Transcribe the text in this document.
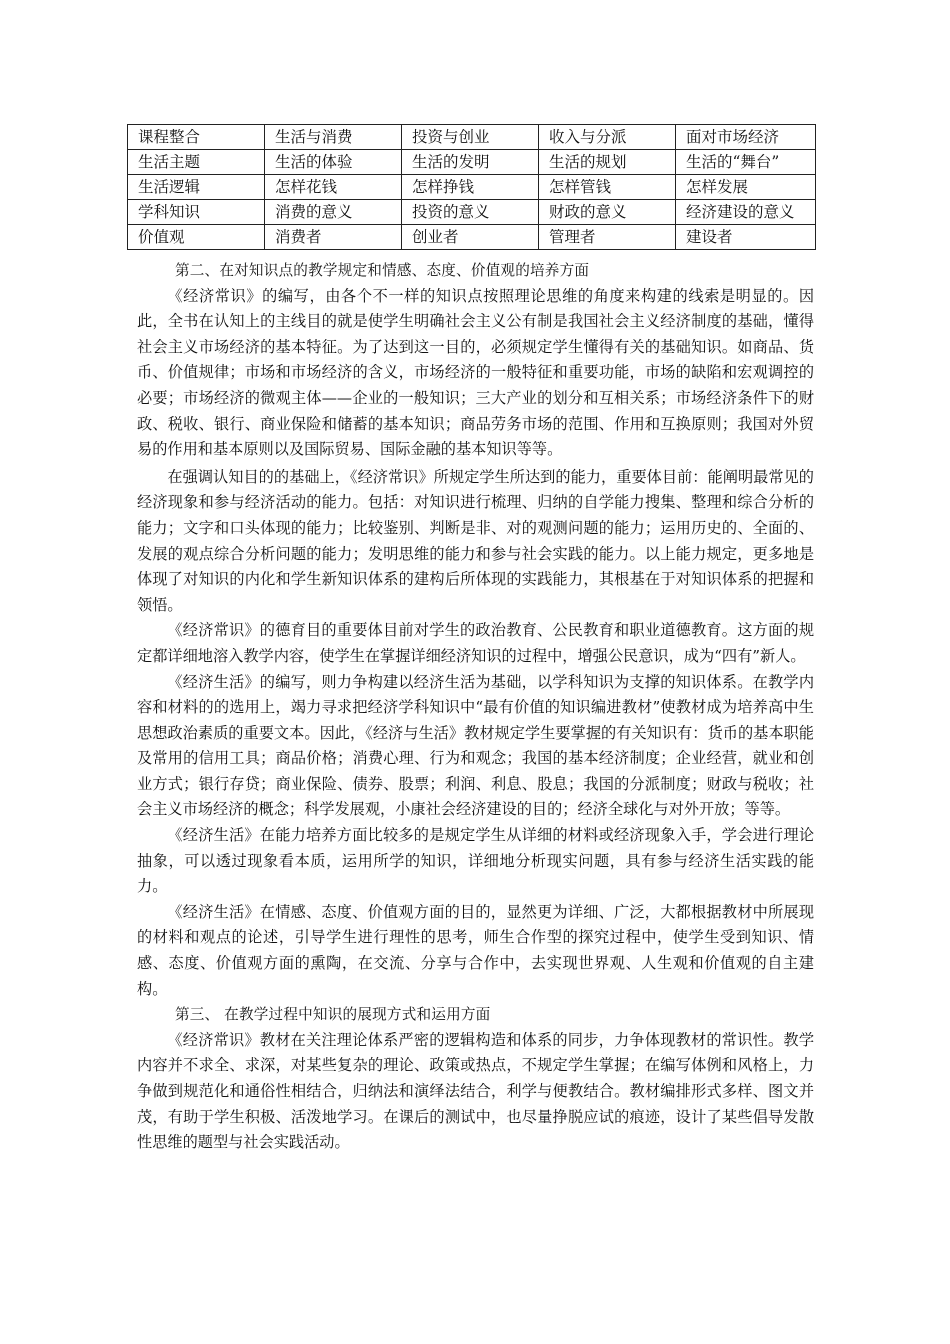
课程整合	生活与消费	投资与创业	收入与分派	面对市场经济
生活主题	生活的体验	生活的发明	生活的规划	生活的“舞台”
生活逻辑	怎样花钱	怎样挣钱	怎样管钱	怎样发展
学科知识	消费的意义	投资的意义	财政的意义	经济建设的意义
价值观	消费者	创业者	管理者	建设者

第二、在对知识点的教学规定和情感、态度、价值观的培养方面

《经济常识》的编写，由各个不一样的知识点按照理论思维的角度来构建的线索是明显的。因此，全书在认知上的主线目的就是使学生明确社会主义公有制是我国社会主义经济制度的基础，懂得社会主义市场经济的基本特征。为了达到这一目的，必须规定学生懂得有关的基础知识。如商品、货币、价值规律；市场和市场经济的含义，市场经济的一般特征和重要功能，市场的缺陷和宏观调控的必要；市场经济的微观主体——企业的一般知识；三大产业的划分和互相关系；市场经济条件下的财政、税收、银行、商业保险和储蓄的基本知识；商品劳务市场的范围、作用和互换原则；我国对外贸易的作用和基本原则以及国际贸易、国际金融的基本知识等等。

在强调认知目的的基础上，《经济常识》所规定学生所达到的能力，重要体目前：能阐明最常见的经济现象和参与经济活动的能力。包括：对知识进行梳理、归纳的自学能力搜集、整理和综合分析的能力；文字和口头体现的能力；比较鉴别、判断是非、对的观测问题的能力；运用历史的、全面的、发展的观点综合分析问题的能力；发明思维的能力和参与社会实践的能力。以上能力规定，更多地是体现了对知识的内化和学生新知识体系的建构后所体现的实践能力，其根基在于对知识体系的把握和领悟。

《经济常识》的德育目的重要体目前对学生的政治教育、公民教育和职业道德教育。这方面的规定都详细地溶入教学内容，使学生在掌握详细经济知识的过程中，增强公民意识，成为“四有”新人。

《经济生活》的编写，则力争构建以经济生活为基础，以学科知识为支撑的知识体系。在教学内容和材料的的选用上，竭力寻求把经济学科知识中“最有价值的知识编进教材”使教材成为培养高中生思想政治素质的重要文本。因此，《经济与生活》教材规定学生要掌握的有关知识有：货币的基本职能及常用的信用工具；商品价格；消费心理、行为和观念；我国的基本经济制度；企业经营，就业和创业方式；银行存贷；商业保险、债券、股票；利润、利息、股息；我国的分派制度；财政与税收；社会主义市场经济的概念；科学发展观，小康社会经济建设的目的；经济全球化与对外开放；等等。

《经济生活》在能力培养方面比较多的是规定学生从详细的材料或经济现象入手，学会进行理论抽象，可以透过现象看本质，运用所学的知识，详细地分析现实问题，具有参与经济生活实践的能力。

《经济生活》在情感、态度、价值观方面的目的，显然更为详细、广泛，大都根据教材中所展现的材料和观点的论述，引导学生进行理性的思考，师生合作型的探究过程中，使学生受到知识、情感、态度、价值观方面的熏陶，在交流、分享与合作中，去实现世界观、人生观和价值观的自主建构。

第三、 在教学过程中知识的展现方式和运用方面

《经济常识》教材在关注理论体系严密的逻辑构造和体系的同步，力争体现教材的常识性。教学内容并不求全、求深，对某些复杂的理论、政策或热点，不规定学生掌握；在编写体例和风格上，力争做到规范化和通俗性相结合，归纳法和演绎法结合，利学与便教结合。教材编排形式多样、图文并茂，有助于学生积极、活泼地学习。在课后的测试中，也尽量挣脱应试的痕迹，设计了某些倡导发散性思维的题型与社会实践活动。
